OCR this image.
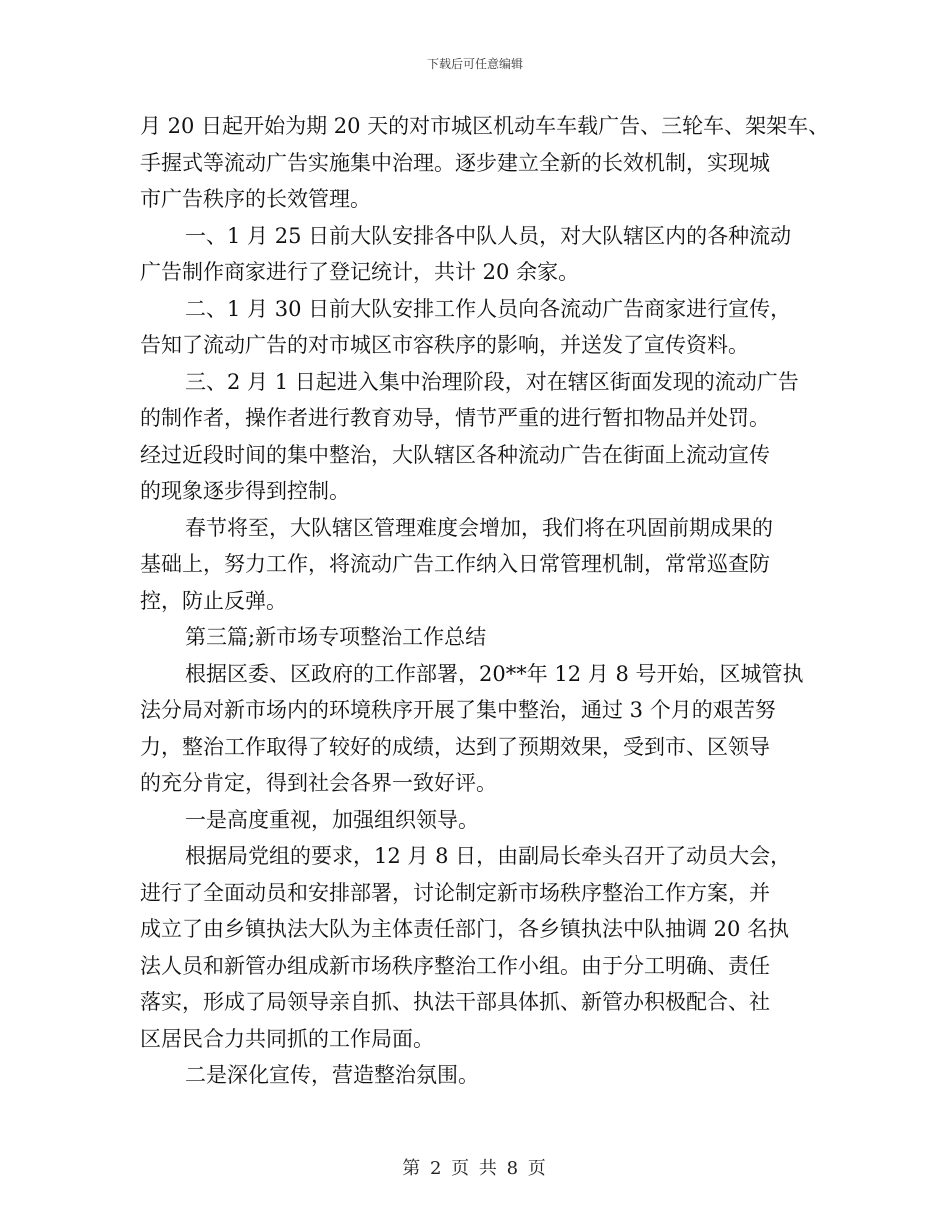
下载后可任意编辑
月 20 日起开始为期 20 天的对市城区机动车车载广告、三轮车、架架车、
手握式等流动广告实施集中治理。逐步建立全新的长效机制，实现城
市广告秩序的长效管理。
一、1 月 25 日前大队安排各中队人员，对大队辖区内的各种流动
广告制作商家进行了登记统计，共计 20 余家。
二、1 月 30 日前大队安排工作人员向各流动广告商家进行宣传，
告知了流动广告的对市城区市容秩序的影响，并送发了宣传资料。
三、2 月 1 日起进入集中治理阶段，对在辖区街面发现的流动广告
的制作者，操作者进行教育劝导，情节严重的进行暂扣物品并处罚。
经过近段时间的集中整治，大队辖区各种流动广告在街面上流动宣传
的现象逐步得到控制。
春节将至，大队辖区管理难度会增加，我们将在巩固前期成果的
基础上，努力工作，将流动广告工作纳入日常管理机制，常常巡查防
控，防止反弹。
第三篇;新市场专项整治工作总结
根据区委、区政府的工作部署，20**年 12 月 8 号开始，区城管执
法分局对新市场内的环境秩序开展了集中整治，通过 3 个月的艰苦努
力，整治工作取得了较好的成绩，达到了预期效果，受到市、区领导
的充分肯定，得到社会各界一致好评。
一是高度重视，加强组织领导。
根据局党组的要求，12 月 8 日，由副局长牵头召开了动员大会，
进行了全面动员和安排部署，讨论制定新市场秩序整治工作方案，并
成立了由乡镇执法大队为主体责任部门，各乡镇执法中队抽调 20 名执
法人员和新管办组成新市场秩序整治工作小组。由于分工明确、责任
落实，形成了局领导亲自抓、执法干部具体抓、新管办积极配合、社
区居民合力共同抓的工作局面。
二是深化宣传，营造整治氛围。
第 2 页 共 8 页
